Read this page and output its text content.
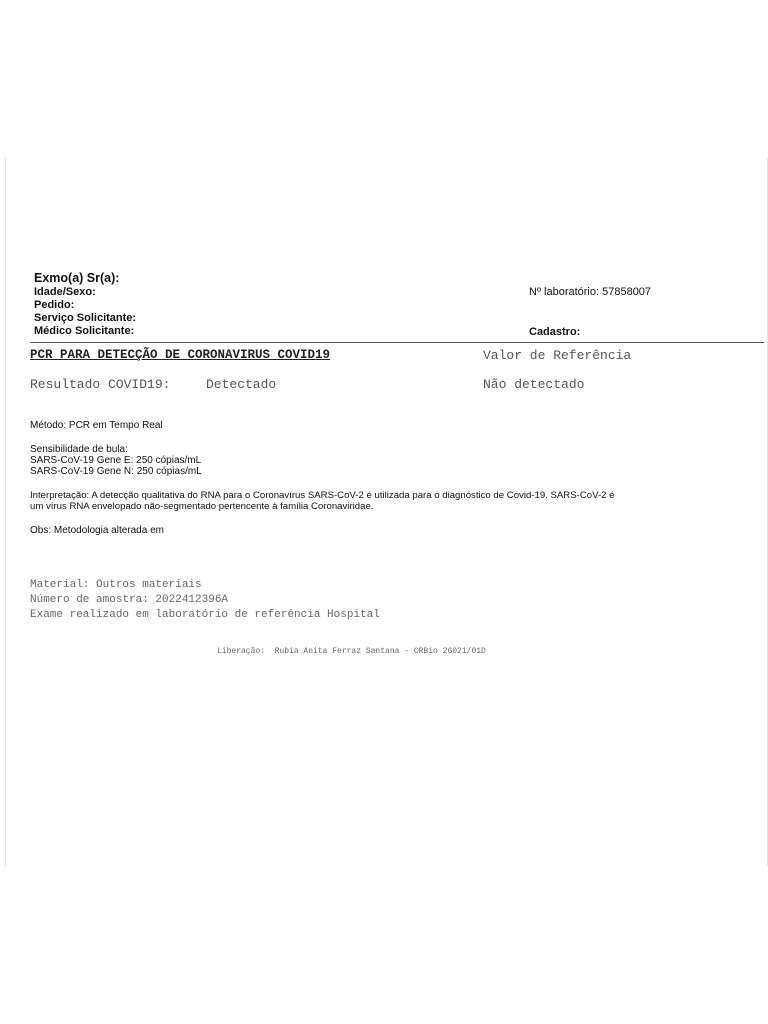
Exmo(a) Sr(a):
Idade/Sexo:
Pedido:
Serviço Solicitante:
Médico Solicitante:
Nº laboratório: 57858007
Cadastro:
PCR PARA DETECÇÃO DE CORONAVIRUS COVID19	Valor de Referência
Resultado COVID19:	Detectado	Não detectado
Método: PCR em Tempo Real
Sensibilidade de bula:
SARS-CoV-19 Gene E: 250 cópias/mL
SARS-CoV-19 Gene N: 250 cópias/mL
Interpretação: A detecção qualitativa do RNA para o Coronavírus SARS-CoV-2 é utilizada para o diagnóstico de Covid-19. SARS-CoV-2 é
um vírus RNA envelopado não-segmentado pertencente à família Coronaviridae.
Obs: Metodologia alterada em
Material: Outros materiais
Número de amostra: 2022412396A
Exame realizado em laboratório de referência Hospital
Liberação:  Rubia Anita Ferraz Santana - CRBio 26021/01D
